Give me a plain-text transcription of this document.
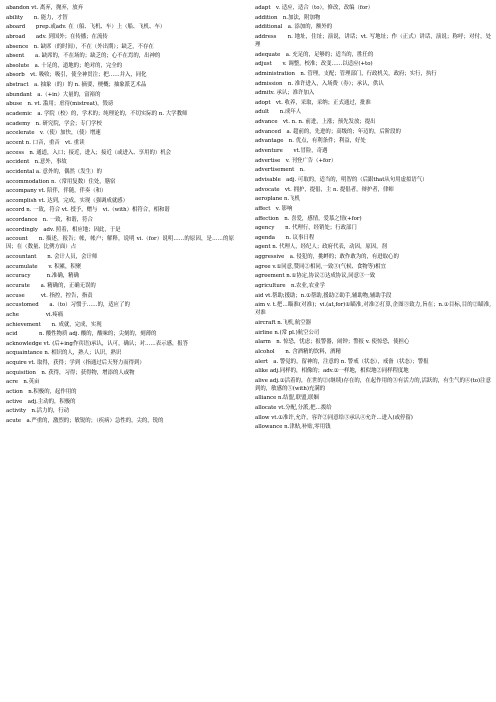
abandon vt. 离弃，抛弃，放弃
ability　　n. 能力，才智
aboard　　prep.或adv. 在（船、飞机、车）上（船、飞机、车）
abroad　　adv. 到国外；在传播；在流传
absence　n. 缺席（的时间），不在（外出期）；缺乏，不存在
absent　　a. 缺席的，不在场的；缺乏的；心不在焉的，出神的
absolute　a. 十足的，道地的；绝对的，完全的
absorb　vt. 吸收；吸引，使全神贯注；把……并入，同化
abstract　a. 抽象（的）的 n. 摘要，梗概；抽象派艺术品
abundant　a.（+in）大量的，富裕的
abuse　n. vt. 滥用；虐待(mistreat)，毁谤
academic　a. 学院（校）的，学术的；纯理论的，不切实际的 n. 大学教师
academy　n. 研究院，学会；专门学校
accelerate　v.（使）加快，（使）增速
accent n. 口音，重音　vt. 重读
access　n. 通道，入口；接近，进入；接近（或进入、享用的）机会
accident　n.意外，事故
accidental a. 意外的，偶然（发生）的
accommodation n.（常用复数）住处，膳宿
accompany vt. 陪伴，伴随，伴奏（和）
accomplish vt. 达到，完成，实现（强调成就感）
accord n. 一致，符合 vt. 授予，赠与　vi.（with）相符合，相和谐
accordance　n. 一致，和谐，符合
accordingly　adv. 照着，相应地；因此，于是
account　　n. 描述，报告；帐，帐户；解释，说明 vi.（for）说明……的原因，是……的原因；在（数量、比例方面）占
accountant　　n. 会计人员，会计师
accumulate　　v. 积累，积聚
accuracy　　　n.准确，精确
accurate　　a. 精确的，正确无误的
accuse　　　vt. 指控，控告，指责
accustomed　　a.（to）习惯于……的，适应了的
ache　　　　　vi.疼痛
achievement　　n. 成就，完成，实现
acid　　　　n. 酸性物质 adj. 酸的，酸味的；尖刻的，刻薄的
acknowledge vt. (后+ing作宾语)承认，认可，确认；对……表示感，报答
acquaintance n. 相识的人，熟人；认识，熟识
acquire vt. 取得，获得；学到（指通过后天努力而得到）
acquisition　n. 获得，习得；获得物，增添的人或物
acre　n.英亩
action　n.积极的，起作用的
active　adj.主动的，积极的
activity　n.活力的，行动
acute　a.严重的，激烈的；敏锐的；（疾病）急性的，尖的，锐的
adapt　v. 适应，适合（to），修改，改编（for）
addition　n.加法，附加物
additional　a. 添加的，额外的
address　　n. 地址，住址；演说，讲话；vt. 写地址；作（正式）讲话，演说；称呼；对付，处理
adequate　a. 充足的，足够的；适当的，胜任的
adjust　　v. 调整，校准；改变……以适应(+to)
administration　n. 管理，支配；管理部门，行政机关，政府；实行，执行
admission　n. 准许进入，入场费（券）；承认，供认
admitv. 承认；准许加入
adopt　vt. 收养，采取，采纳；正式通过，批准
adult　　n.成年人
advance　vt. n. n. 前进，上涨；预先发放；提出
advanced　a. 超前的，先进的；高级的；年迈的，后阶段的
advantage　n. 优点，有利条件；利益，好处
adventure　　vt.冒险，奇遇
advertise　v. 刊登广告（+for）
advertisement　n.
advisable　adj. 可取的，适当的，明智的（后跟that从句用虚拟语气）
advocate　vt. 拥护，提倡，主 n. 提倡者，辩护者，律师
aeroplane n.飞机
affect　v. 影响
affection　n. 喜爱，感情，爱慕之情(+for)
agency　　n. 代理行，经销处；行政部门
agenda　　n. 议事日程
agent n. 代理人，经纪人；政府代表，动因，原因，剂
aggressive　a. 侵犯的，挑衅的；敢作敢为的，有进取心的
agree v.①同意,赞同②相同,一致③(气候、食物等)相宜
agreement n.①协定,协议②达成协议,同意③一致
agriculture　n.农业,农业学
aid vt.帮助;援助；n.①帮助,援助②助手,辅助物,辅助手段
aim v. t.把…瞄准(对准)；vi.(at,for)①瞄准,对准②打算,企图③致力,旨在；n.①目标,目的②瞄准,对准
aircraft n.飞机,航空器
airline n.(常 pl.)航空公司
alarm　n. 惊恐，忧虑；报警器，闹钟；警报 v. 使惊恐，使担心
alcohol　　n. 含酒精的饮料，酒精
alert　a. 警觉的，留神的，注意的 n. 警戒（状态），戒备（状态）；警报
alike adj.同样的，相像的；adv.①一样地，相似地②同样程度地
alive adj.①活着的，在世的②(继续)存在的，在起作用的③有活力的,活跃的，有生气的④(to)注意到的，敏感的⑤(with)充满的
alliance n.结盟,联盟,联姻
allocate vt.分配,分派,把…拨给
allow vt.①准许,允许，容许②同意给③承认④允许…进入(或停留)
allowance n.津贴,补贴,零用钱
